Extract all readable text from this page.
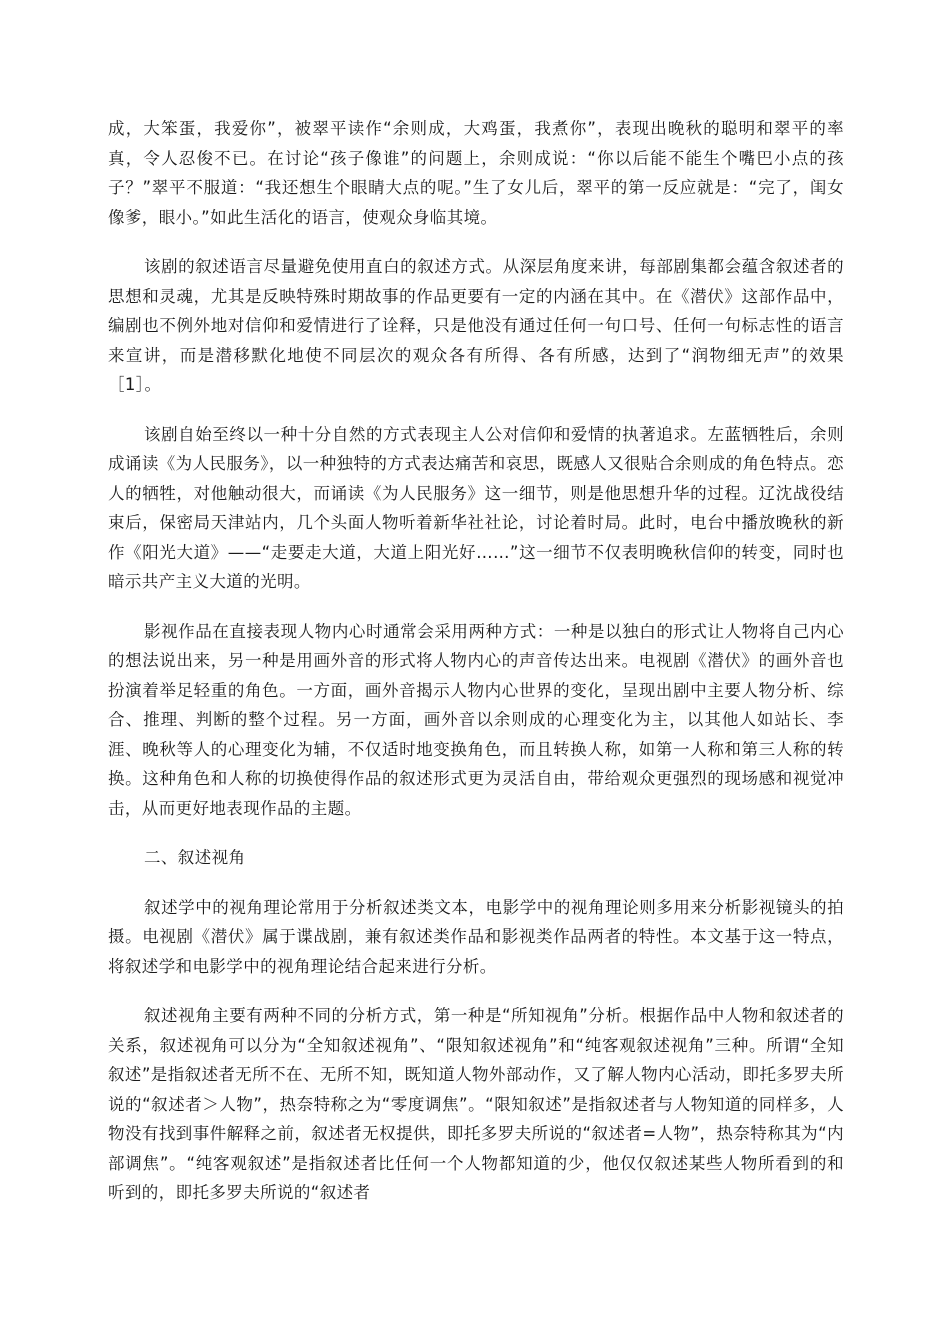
成，大笨蛋，我爱你”，被翠平读作“余则成，大鸡蛋，我煮你”，表现出晚秋的聪明和翠平的率真，令人忍俊不已。在讨论“孩子像谁”的问题上，余则成说：“你以后能不能生个嘴巴小点的孩子？”翠平不服道：“我还想生个眼睛大点的呢。”生了女儿后，翠平的第一反应就是：“完了，闺女像爹，眼小。”如此生活化的语言，使观众身临其境。

该剧的叙述语言尽量避免使用直白的叙述方式。从深层角度来讲，每部剧集都会蕴含叙述者的思想和灵魂，尤其是反映特殊时期故事的作品更要有一定的内涵在其中。在《潜伏》这部作品中，编剧也不例外地对信仰和爱情进行了诠释，只是他没有通过任何一句口号、任何一句标志性的语言来宣讲，而是潜移默化地使不同层次的观众各有所得、各有所感，达到了“润物细无声”的效果［1］。

该剧自始至终以一种十分自然的方式表现主人公对信仰和爱情的执著追求。左蓝牺牲后，余则成诵读《为人民服务》，以一种独特的方式表达痛苦和哀思，既感人又很贴合余则成的角色特点。恋人的牺牲，对他触动很大，而诵读《为人民服务》这一细节，则是他思想升华的过程。辽沈战役结束后，保密局天津站内，几个头面人物听着新华社社论，讨论着时局。此时，电台中播放晚秋的新作《阳光大道》——“走要走大道，大道上阳光好……”这一细节不仅表明晚秋信仰的转变，同时也暗示共产主义大道的光明。

影视作品在直接表现人物内心时通常会采用两种方式：一种是以独白的形式让人物将自己内心的想法说出来，另一种是用画外音的形式将人物内心的声音传达出来。电视剧《潜伏》的画外音也扮演着举足轻重的角色。一方面，画外音揭示人物内心世界的变化，呈现出剧中主要人物分析、综合、推理、判断的整个过程。另一方面，画外音以余则成的心理变化为主，以其他人如站长、李涯、晚秋等人的心理变化为辅，不仅适时地变换角色，而且转换人称，如第一人称和第三人称的转换。这种角色和人称的切换使得作品的叙述形式更为灵活自由，带给观众更强烈的现场感和视觉冲击，从而更好地表现作品的主题。

二、叙述视角

叙述学中的视角理论常用于分析叙述类文本，电影学中的视角理论则多用来分析影视镜头的拍摄。电视剧《潜伏》属于谍战剧，兼有叙述类作品和影视类作品两者的特性。本文基于这一特点，将叙述学和电影学中的视角理论结合起来进行分析。

叙述视角主要有两种不同的分析方式，第一种是“所知视角”分析。根据作品中人物和叙述者的关系，叙述视角可以分为“全知叙述视角”、“限知叙述视角”和“纯客观叙述视角”三种。所谓“全知叙述”是指叙述者无所不在、无所不知，既知道人物外部动作，又了解人物内心活动，即托多罗夫所说的“叙述者＞人物”，热奈特称之为“零度调焦”。“限知叙述”是指叙述者与人物知道的同样多，人物没有找到事件解释之前，叙述者无权提供，即托多罗夫所说的“叙述者=人物”，热奈特称其为“内部调焦”。“纯客观叙述”是指叙述者比任何一个人物都知道的少，他仅仅叙述某些人物所看到的和听到的，即托多罗夫所说的“叙述者
